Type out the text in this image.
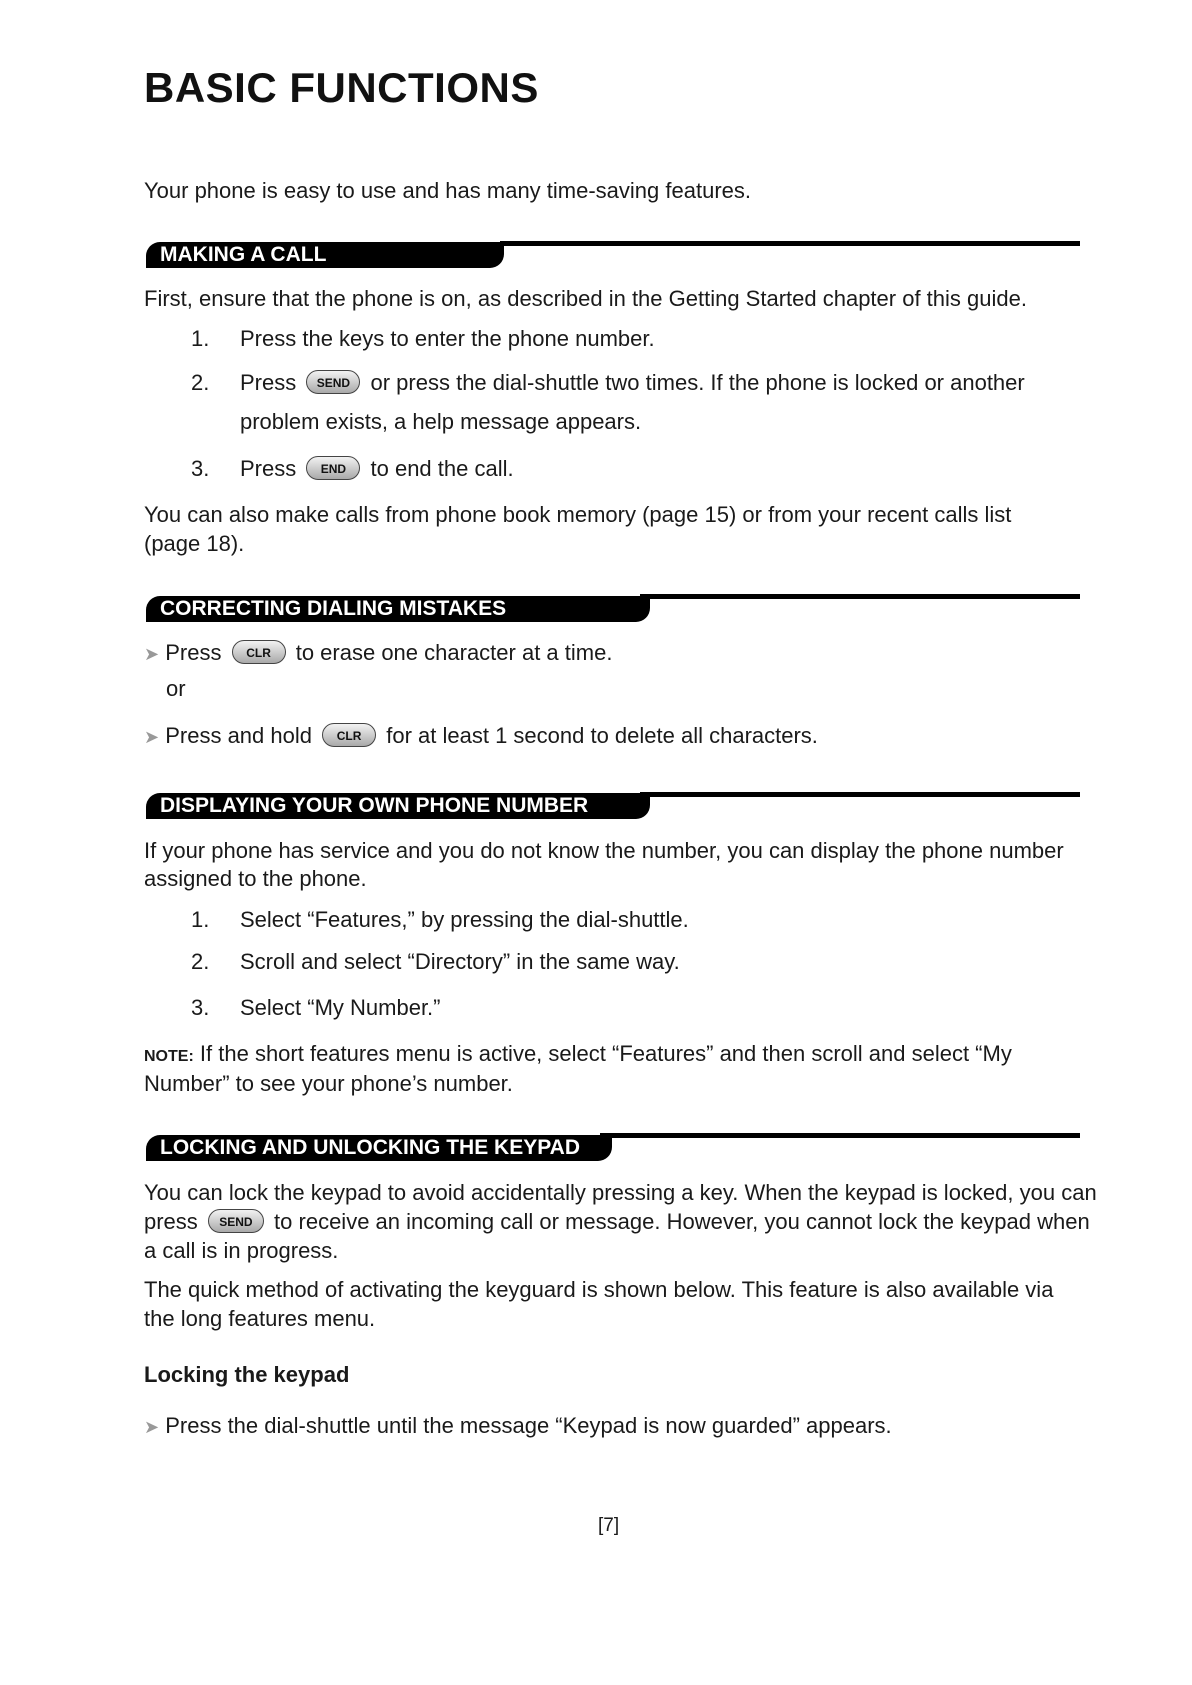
BASIC FUNCTIONS
Your phone is easy to use and has many time-saving features.
MAKING A CALL
First, ensure that the phone is on, as described in the Getting Started chapter of this guide.
1.	Press the keys to enter the phone number.
2.	Press SEND or press the dial-shuttle two times. If the phone is locked or another
problem exists, a help message appears.
3.	Press END to end the call.
You can also make calls from phone book memory (page 15) or from your recent calls list
(page 18).
CORRECTING DIALING MISTAKES
➤ Press CLR to erase one character at a time.
or
➤ Press and hold CLR for at least 1 second to delete all characters.
DISPLAYING YOUR OWN PHONE NUMBER
If your phone has service and you do not know the number, you can display the phone number
assigned to the phone.
1.	Select “Features,” by pressing the dial-shuttle.
2.	Scroll and select “Directory” in the same way.
3.	Select “My Number.”
NOTE: If the short features menu is active, select “Features” and then scroll and select “My
Number” to see your phone’s number.
LOCKING AND UNLOCKING THE KEYPAD
You can lock the keypad to avoid accidentally pressing a key. When the keypad is locked, you can
press SEND to receive an incoming call or message. However, you cannot lock the keypad when
a call is in progress.
The quick method of activating the keyguard is shown below. This feature is also available via
the long features menu.
Locking the keypad
➤ Press the dial-shuttle until the message “Keypad is now guarded” appears.
[7]
